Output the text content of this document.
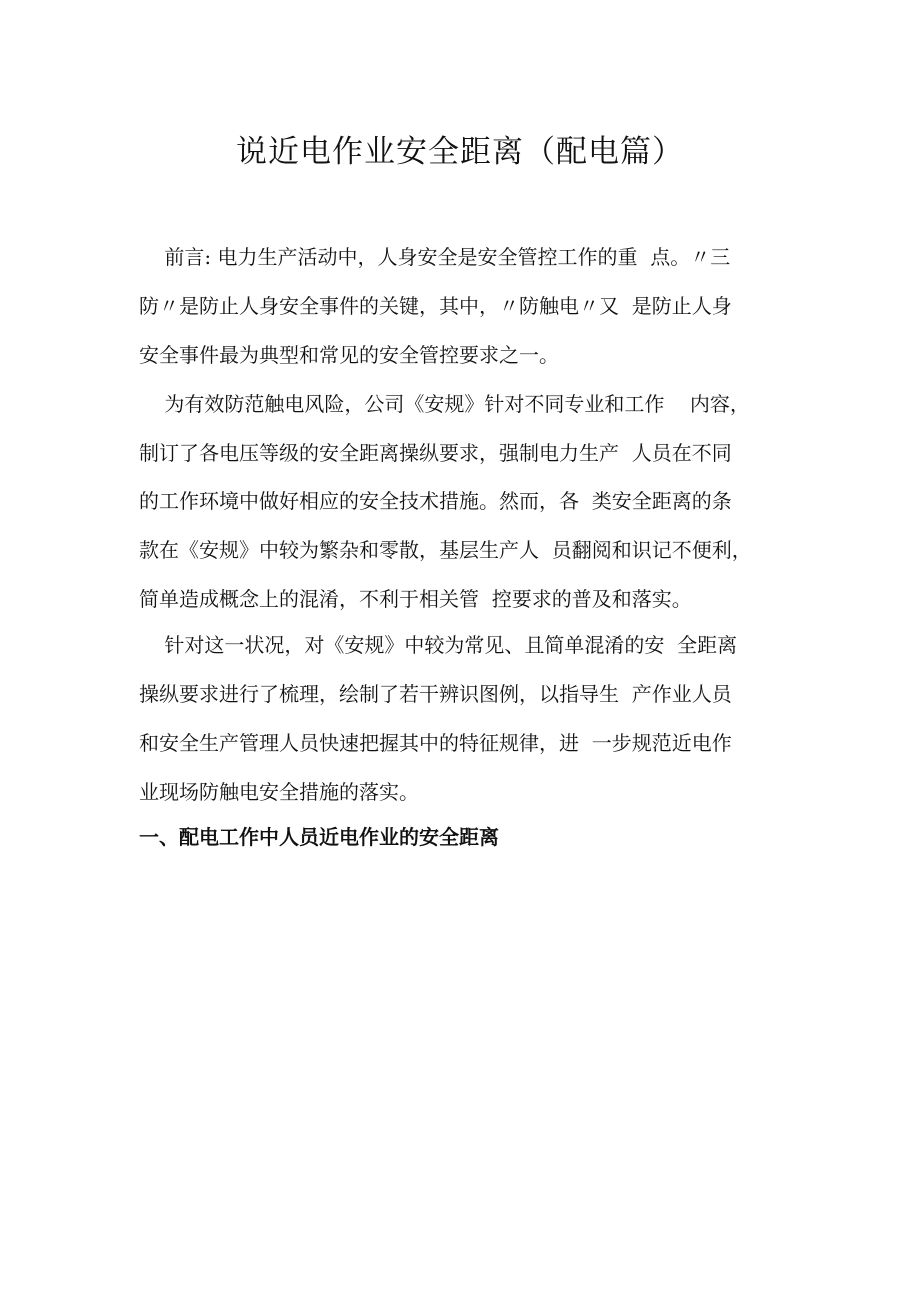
说近电作业安全距离（配电篇）

前言: 电力生产活动中，人身安全是安全管控工作的重  点。〃三

防〃是防止人身安全事件的关键，其中，〃防触电〃又  是防止人身

安全事件最为典型和常见的安全管控要求之一。

为有效防范触电风险，公司《安规》针对不同专业和工作    内容，

制订了各电压等级的安全距离操纵要求，强制电力生产  人员在不同

的工作环境中做好相应的安全技术措施。然而，各  类安全距离的条

款在《安规》中较为繁杂和零散，基层生产人  员翻阅和识记不便利，

简单造成概念上的混淆，不利于相关管  控要求的普及和落实。

针对这一状况，对《安规》中较为常见、且简单混淆的安  全距离

操纵要求进行了梳理，绘制了若干辨识图例，以指导生  产作业人员

和安全生产管理人员快速把握其中的特征规律，进  一步规范近电作

业现场防触电安全措施的落实。

一、配电工作中人员近电作业的安全距离
